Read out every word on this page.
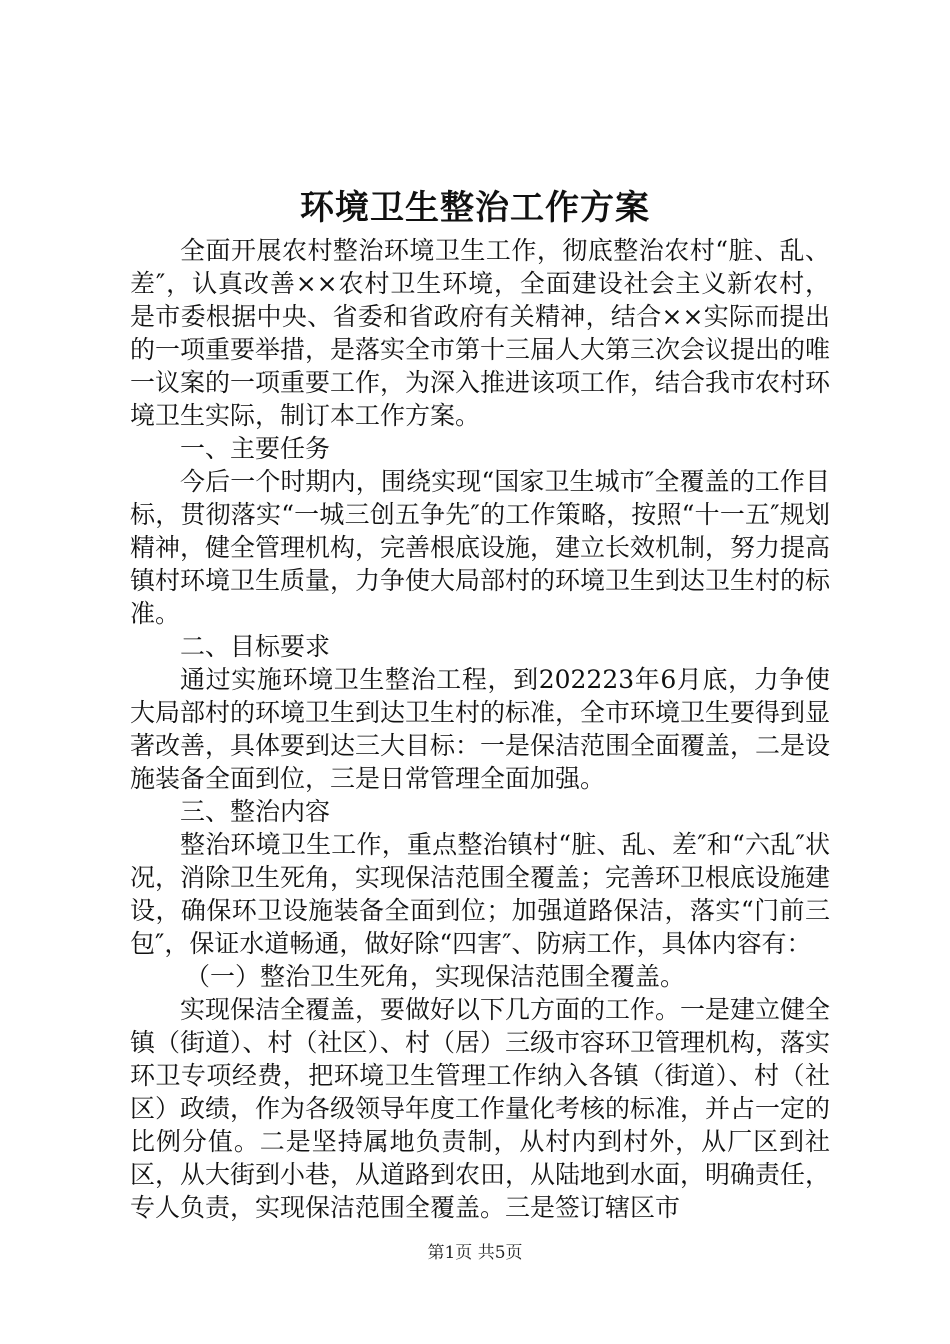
环境卫生整治工作方案

全面开展农村整治环境卫生工作，彻底整治农村“脏、乱、差″，认真改善××农村卫生环境，全面建设社会主义新农村，是市委根据中央、省委和省政府有关精神，结合××实际而提出的一项重要举措，是落实全市第十三届人大第三次会议提出的唯一议案的一项重要工作，为深入推进该项工作，结合我市农村环境卫生实际，制订本工作方案。

一、主要任务

今后一个时期内，围绕实现“国家卫生城市″全覆盖的工作目标，贯彻落实“一城三创五争先″的工作策略，按照“十一五″规划精神，健全管理机构，完善根底设施，建立长效机制，努力提高镇村环境卫生质量，力争使大局部村的环境卫生到达卫生村的标准。

二、目标要求

通过实施环境卫生整治工程，到202223年6月底，力争使大局部村的环境卫生到达卫生村的标准，全市环境卫生要得到显著改善，具体要到达三大目标：一是保洁范围全面覆盖，二是设施装备全面到位，三是日常管理全面加强。

三、整治内容

整治环境卫生工作，重点整治镇村“脏、乱、差″和“六乱″状况，消除卫生死角，实现保洁范围全覆盖；完善环卫根底设施建设，确保环卫设施装备全面到位；加强道路保洁，落实“门前三包″，保证水道畅通，做好除“四害″、防病工作，具体内容有：

（一）整治卫生死角，实现保洁范围全覆盖。

实现保洁全覆盖，要做好以下几方面的工作。一是建立健全镇（街道）、村（社区）、村（居）三级市容环卫管理机构，落实环卫专项经费，把环境卫生管理工作纳入各镇（街道）、村（社区）政绩，作为各级领导年度工作量化考核的标准，并占一定的比例分值。二是坚持属地负责制，从村内到村外，从厂区到社区，从大街到小巷，从道路到农田，从陆地到水面，明确责任，专人负责，实现保洁范围全覆盖。三是签订辖区市

第1页 共5页
